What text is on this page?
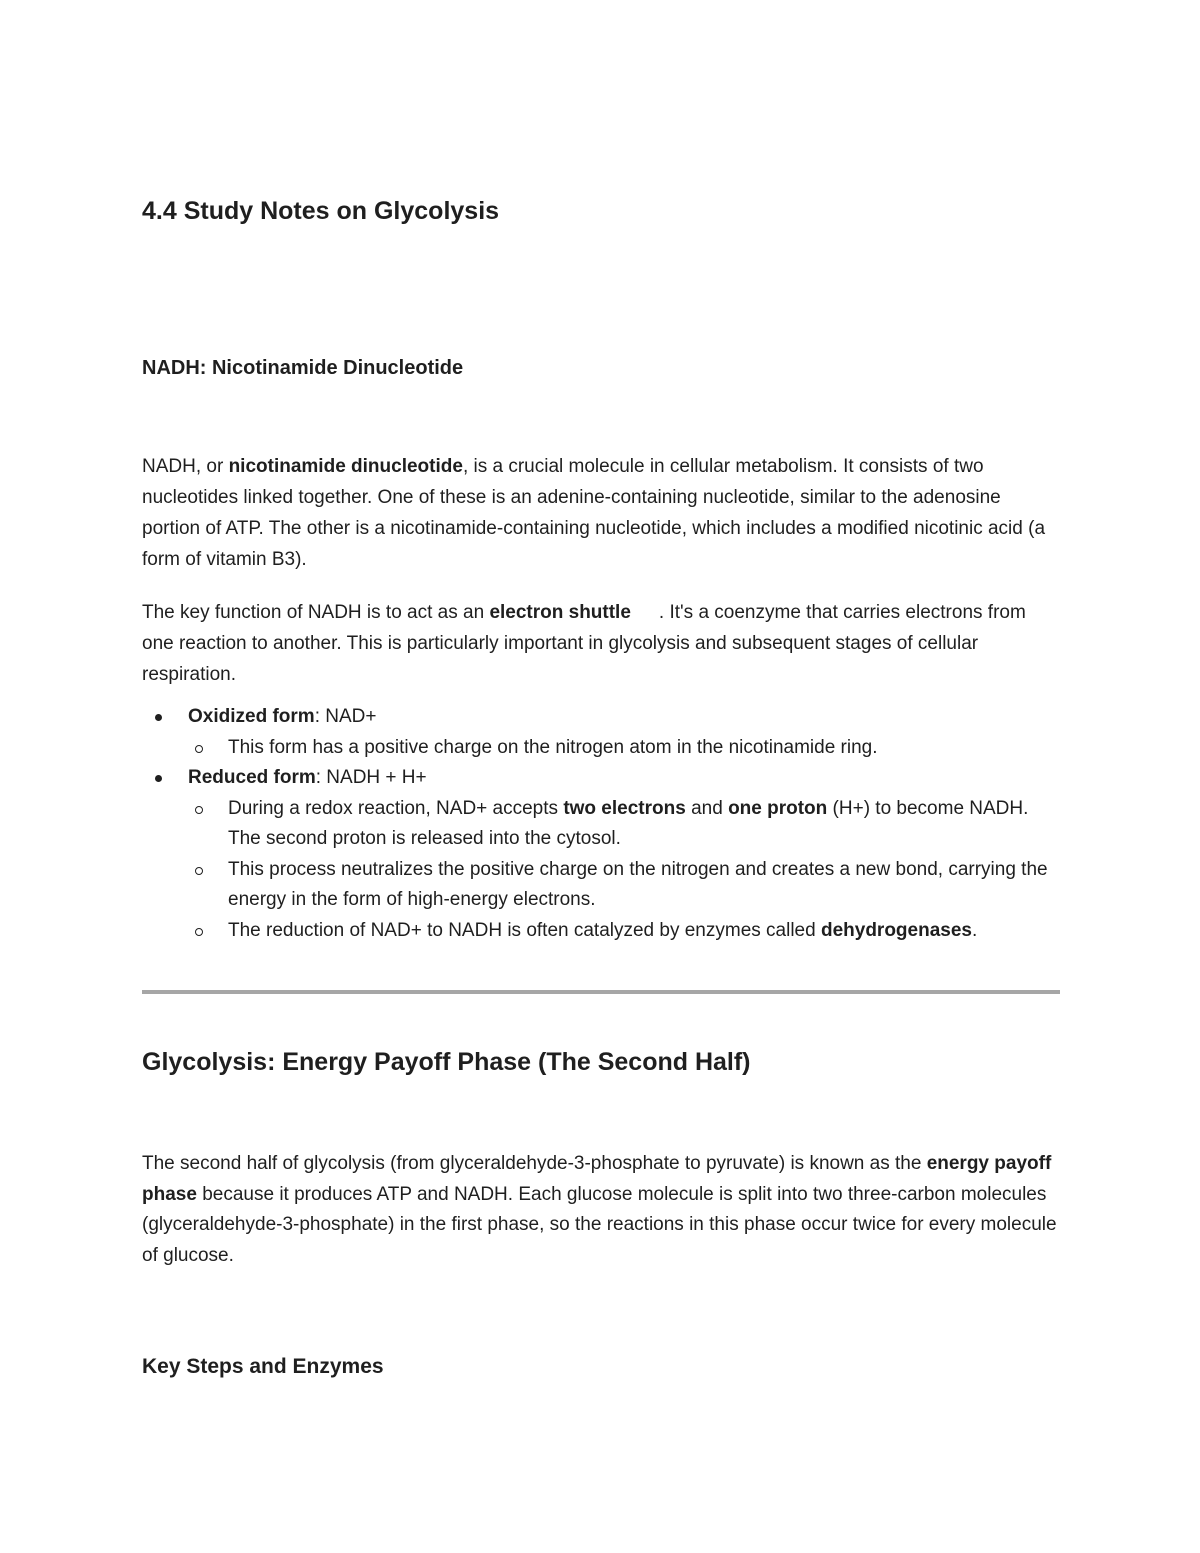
4.4 Study Notes on Glycolysis
NADH: Nicotinamide Dinucleotide

NADH, or nicotinamide dinucleotide, is a crucial molecule in cellular metabolism. It consists of two nucleotides linked together. One of these is an adenine-containing nucleotide, similar to the adenosine portion of ATP. The other is a nicotinamide-containing nucleotide, which includes a modified nicotinic acid (a form of vitamin B3).

The key function of NADH is to act as an electron shuttle . It's a coenzyme that carries electrons from one reaction to another. This is particularly important in glycolysis and subsequent stages of cellular respiration.

Oxidized form: NAD+
This form has a positive charge on the nitrogen atom in the nicotinamide ring.
Reduced form: NADH + H+
During a redox reaction, NAD+ accepts two electrons and one proton (H+) to become NADH. The second proton is released into the cytosol.
This process neutralizes the positive charge on the nitrogen and creates a new bond, carrying the energy in the form of high-energy electrons.
The reduction of NAD+ to NADH is often catalyzed by enzymes called dehydrogenases.
Glycolysis: Energy Payoff Phase (The Second Half)

The second half of glycolysis (from glyceraldehyde-3-phosphate to pyruvate) is known as the energy payoff phase because it produces ATP and NADH. Each glucose molecule is split into two three-carbon molecules (glyceraldehyde-3-phosphate) in the first phase, so the reactions in this phase occur twice for every molecule of glucose.

Key Steps and Enzymes
